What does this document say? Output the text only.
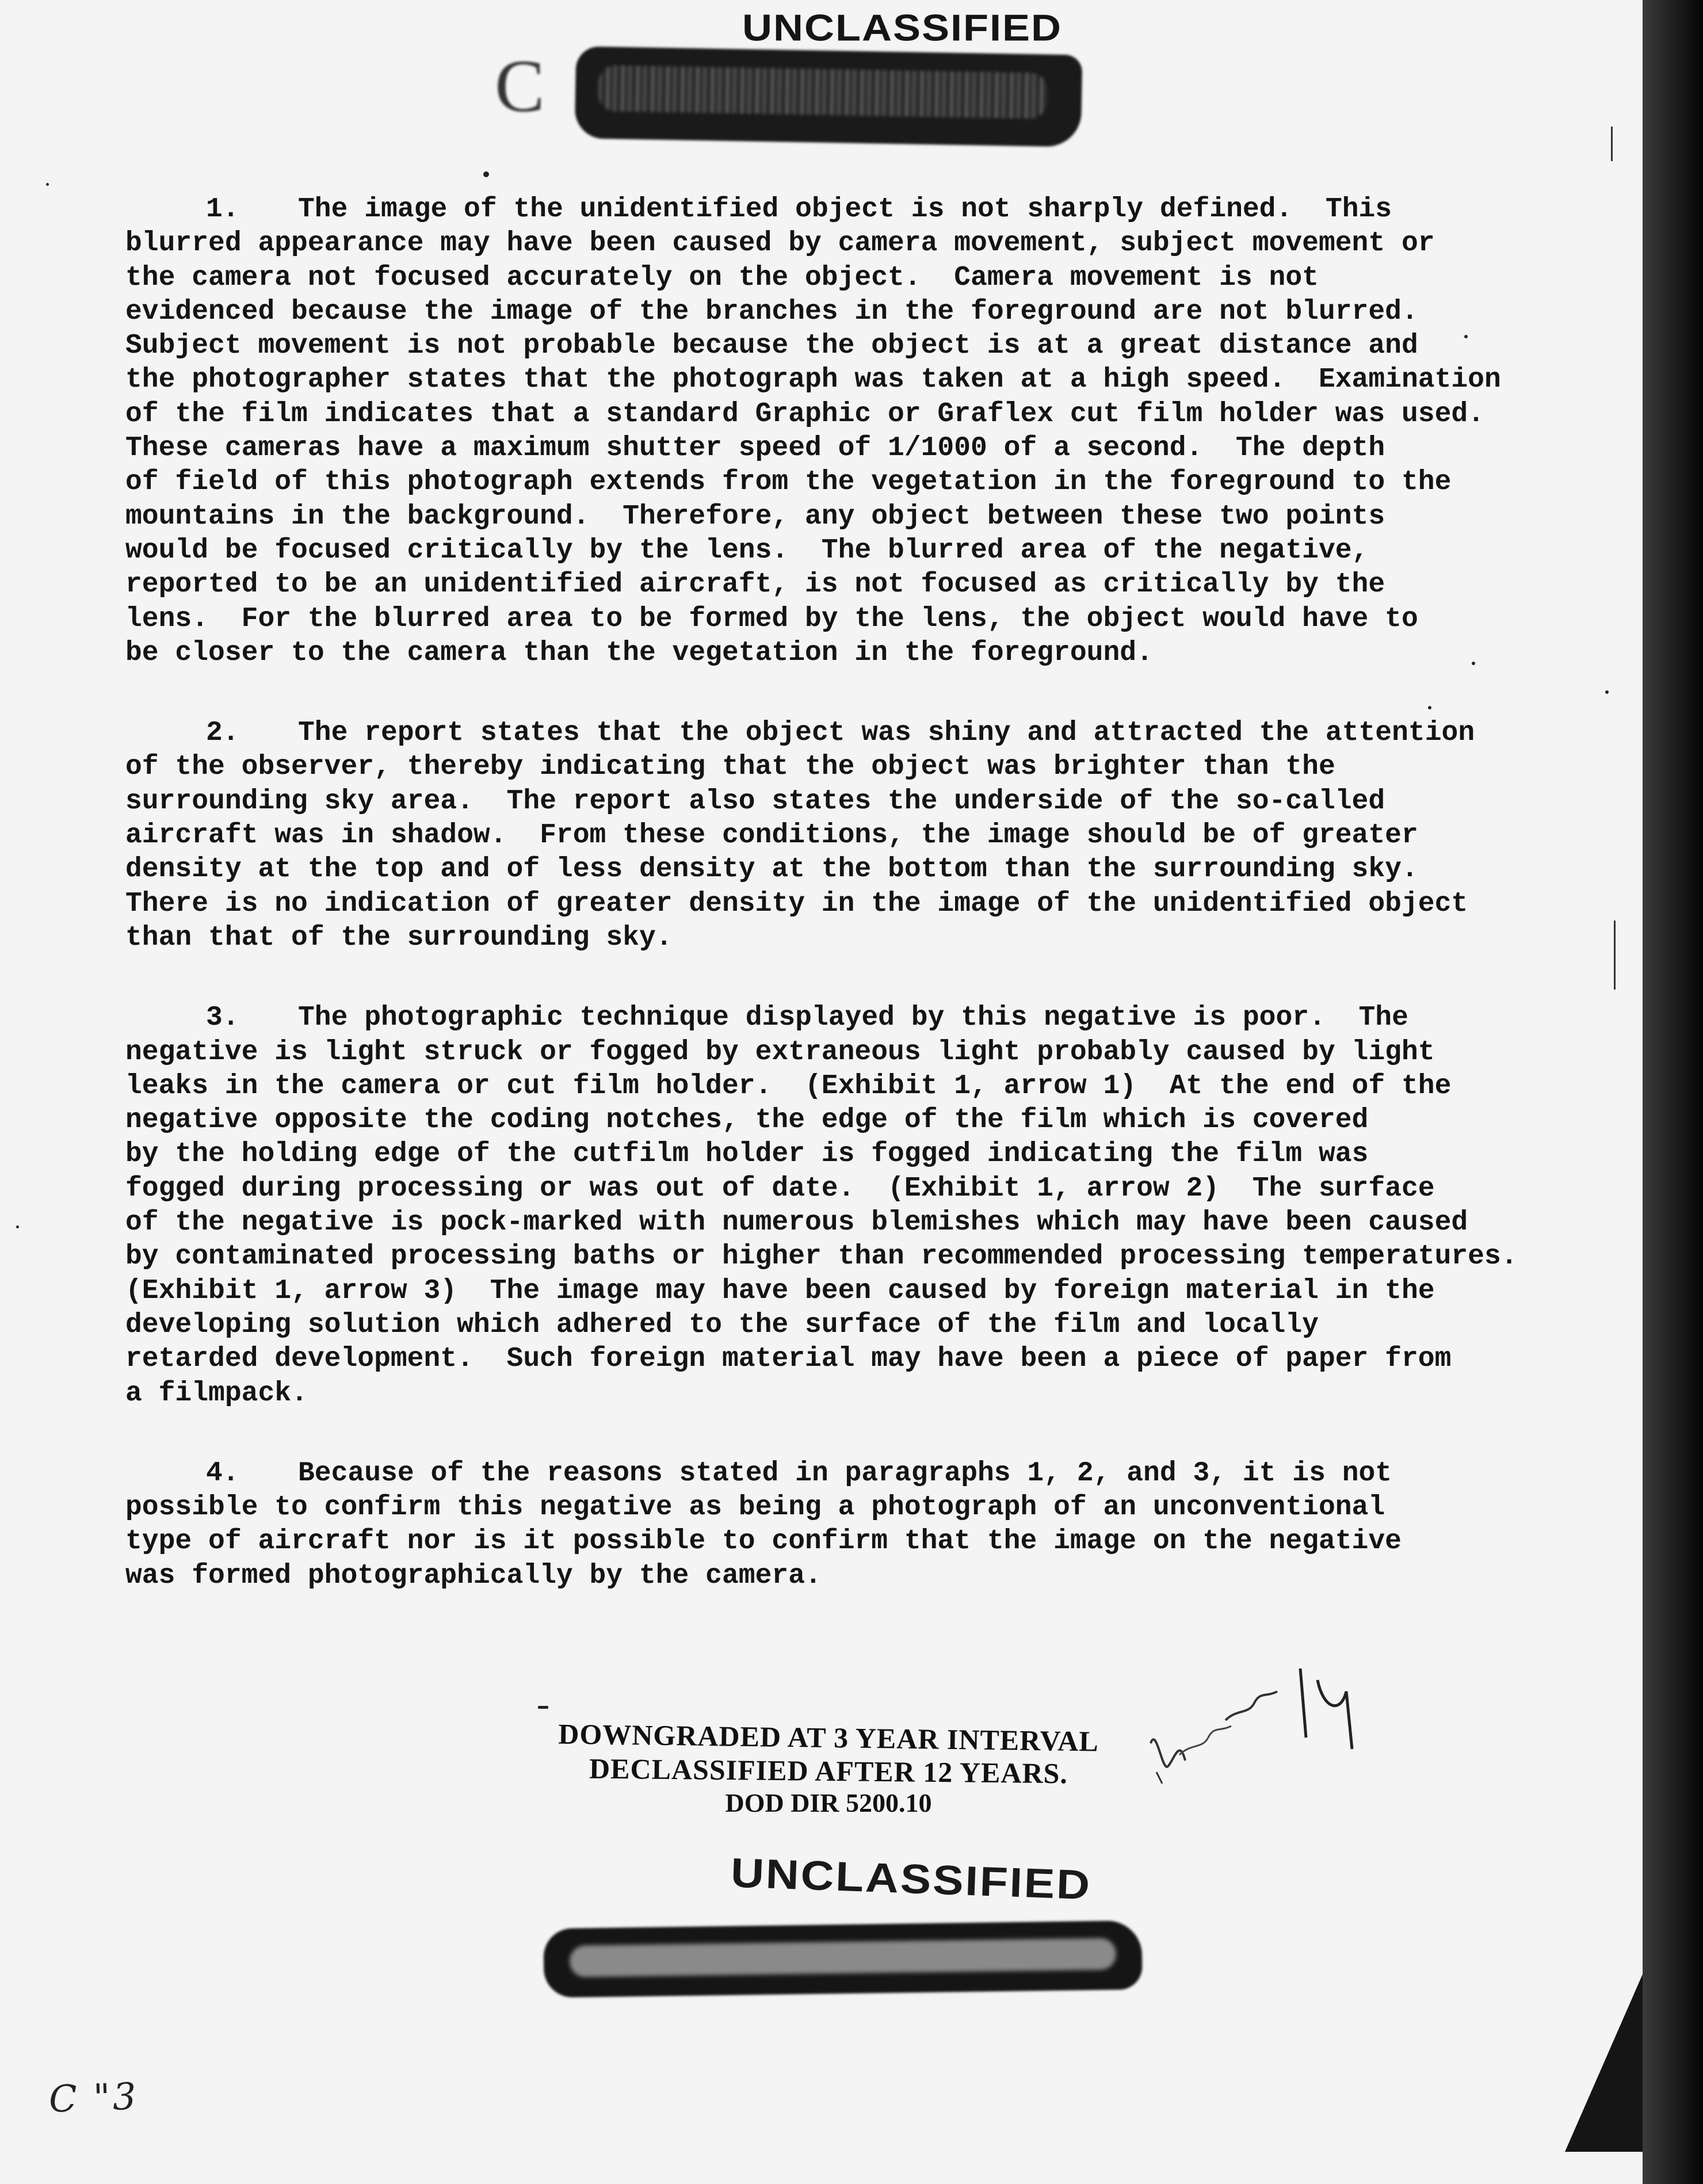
C
UNCLASSIFIED
1. The image of the unidentified object is not sharply defined.  This
blurred appearance may have been caused by camera movement, subject movement or
the camera not focused accurately on the object.  Camera movement is not
evidenced because the image of the branches in the foreground are not blurred.
Subject movement is not probable because the object is at a great distance and
the photographer states that the photograph was taken at a high speed.  Examination
of the film indicates that a standard Graphic or Graflex cut film holder was used.
These cameras have a maximum shutter speed of 1/1000 of a second.  The depth
of field of this photograph extends from the vegetation in the foreground to the
mountains in the background.  Therefore, any object between these two points
would be focused critically by the lens.  The blurred area of the negative,
reported to be an unidentified aircraft, is not focused as critically by the
lens.  For the blurred area to be formed by the lens, the object would have to
be closer to the camera than the vegetation in the foreground.
2. The report states that the object was shiny and attracted the attention
of the observer, thereby indicating that the object was brighter than the
surrounding sky area.  The report also states the underside of the so-called
aircraft was in shadow.  From these conditions, the image should be of greater
density at the top and of less density at the bottom than the surrounding sky.
There is no indication of greater density in the image of the unidentified object
than that of the surrounding sky.
3. The photographic technique displayed by this negative is poor.  The
negative is light struck or fogged by extraneous light probably caused by light
leaks in the camera or cut film holder.  (Exhibit 1, arrow 1)  At the end of the
negative opposite the coding notches, the edge of the film which is covered
by the holding edge of the cutfilm holder is fogged indicating the film was
fogged during processing or was out of date.  (Exhibit 1, arrow 2)  The surface
of the negative is pock-marked with numerous blemishes which may have been caused
by contaminated processing baths or higher than recommended processing temperatures.
(Exhibit 1, arrow 3)  The image may have been caused by foreign material in the
developing solution which adhered to the surface of the film and locally
retarded development.  Such foreign material may have been a piece of paper from
a filmpack.
4. Because of the reasons stated in paragraphs 1, 2, and 3, it is not
possible to confirm this negative as being a photograph of an unconventional
type of aircraft nor is it possible to confirm that the image on the negative
was formed photographically by the camera.
DOWNGRADED AT 3 YEAR INTERVAL
DECLASSIFIED AFTER 12 YEARS.
DOD DIR 5200.10
UNCLASSIFIED
C "3
